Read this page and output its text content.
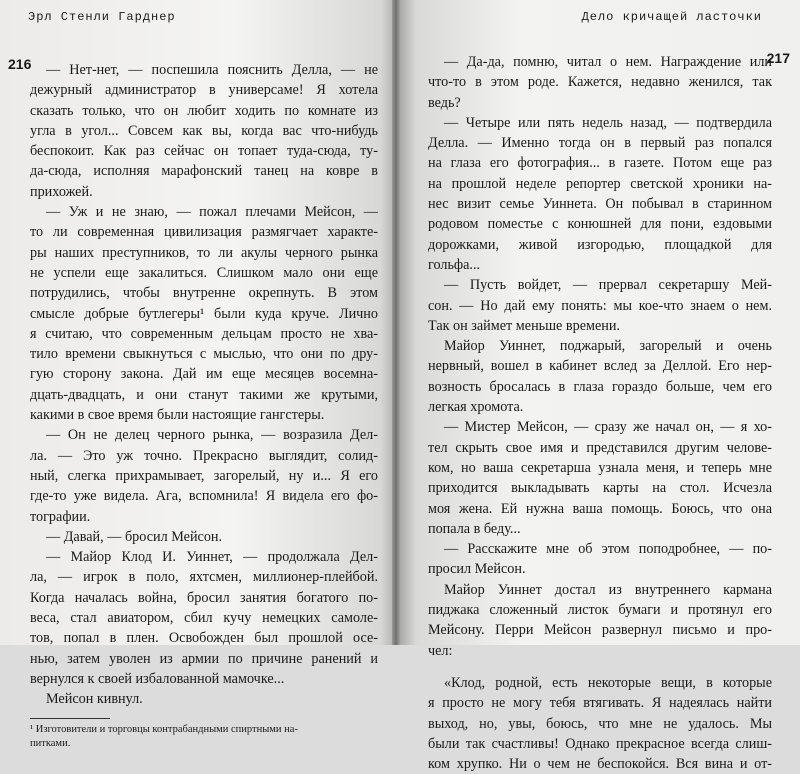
Эрл Стенли Гарднер
216	— Нет-нет, — поспешила пояснить Делла, — не
дежурный администратор в универсаме! Я хотела
сказать только, что он любит ходить по комнате из
угла в угол... Совсем как вы, когда вас что-нибудь
беспокоит. Как раз сейчас он топает туда-сюда, ту-
да-сюда, исполняя марафонский танец на ковре в
прихожей.
— Уж и не знаю, — пожал плечами Мейсон, —
то ли современная цивилизация размягчает характе-
ры наших преступников, то ли акулы черного рынка
не успели еще закалиться. Слишком мало они еще
потрудились, чтобы внутренне окрепнуть. В этом
смысле добрые бутлегеры¹ были куда круче. Лично
я считаю, что современным дельцам просто не хва-
тило времени свыкнуться с мыслью, что они по дру-
гую сторону закона. Дай им еще месяцев восемна-
дцать-двадцать, и они станут такими же крутыми,
какими в свое время были настоящие гангстеры.
— Он не делец черного рынка, — возразила Дел-
ла. — Это уж точно. Прекрасно выглядит, солид-
ный, слегка прихрамывает, загорелый, ну и... Я его
где-то уже видела. Ага, вспомнила! Я видела его фо-
тографии.
— Давай, — бросил Мейсон.
— Майор Клод И. Уиннет, — продолжала Дел-
ла, — игрок в поло, яхтсмен, миллионер-плейбой.
Когда началась война, бросил занятия богатого по-
веса, стал авиатором, сбил кучу немецких самоле-
тов, попал в плен. Освобожден был прошлой осе-
нью, затем уволен из армии по причине ранений и
вернулся к своей избалованной мамочке...
Мейсон кивнул.
¹ Изготовители и торговцы контрабандными спиртными на-
питками.
Дело кричащей ласточки
217
— Да-да, помню, читал о нем. Награждение или
что-то в этом роде. Кажется, недавно женился, так
ведь?
— Четыре или пять недель назад, — подтвердила
Делла. — Именно тогда он в первый раз попался
на глаза его фотография... в газете. Потом еще раз
на прошлой неделе репортер светской хроники на-
нес визит семье Уиннета. Он побывал в старинном
родовом поместье с конюшней для пони, ездовыми
дорожками, живой изгородью, площадкой для
гольфа...
— Пусть войдет, — прервал секретаршу Мей-
сон. — Но дай ему понять: мы кое-что знаем о нем.
Так он займет меньше времени.
Майор Уиннет, поджарый, загорелый и очень
нервный, вошел в кабинет вслед за Деллой. Его нер-
возность бросалась в глаза гораздо больше, чем его
легкая хромота.
— Мистер Мейсон, — сразу же начал он, — я хо-
тел скрыть свое имя и представился другим челове-
ком, но ваша секретарша узнала меня, и теперь мне
приходится выкладывать карты на стол. Исчезла
моя жена. Ей нужна ваша помощь. Боюсь, что она
попала в беду...
— Расскажите мне об этом поподробнее, — по-
просил Мейсон.
Майор Уиннет достал из внутреннего кармана
пиджака сложенный листок бумаги и протянул его
Мейсону. Перри Мейсон развернул письмо и про-
чел:
«Клод, родной, есть некоторые вещи, в которые
я просто не могу тебя втягивать. Я надеялась найти
выход, но, увы, боюсь, что мне не удалось. Мы
были так счастливы! Однако прекрасное всегда слиш-
ком хрупко. Ни о чем не беспокойся. Вся вина и от-
